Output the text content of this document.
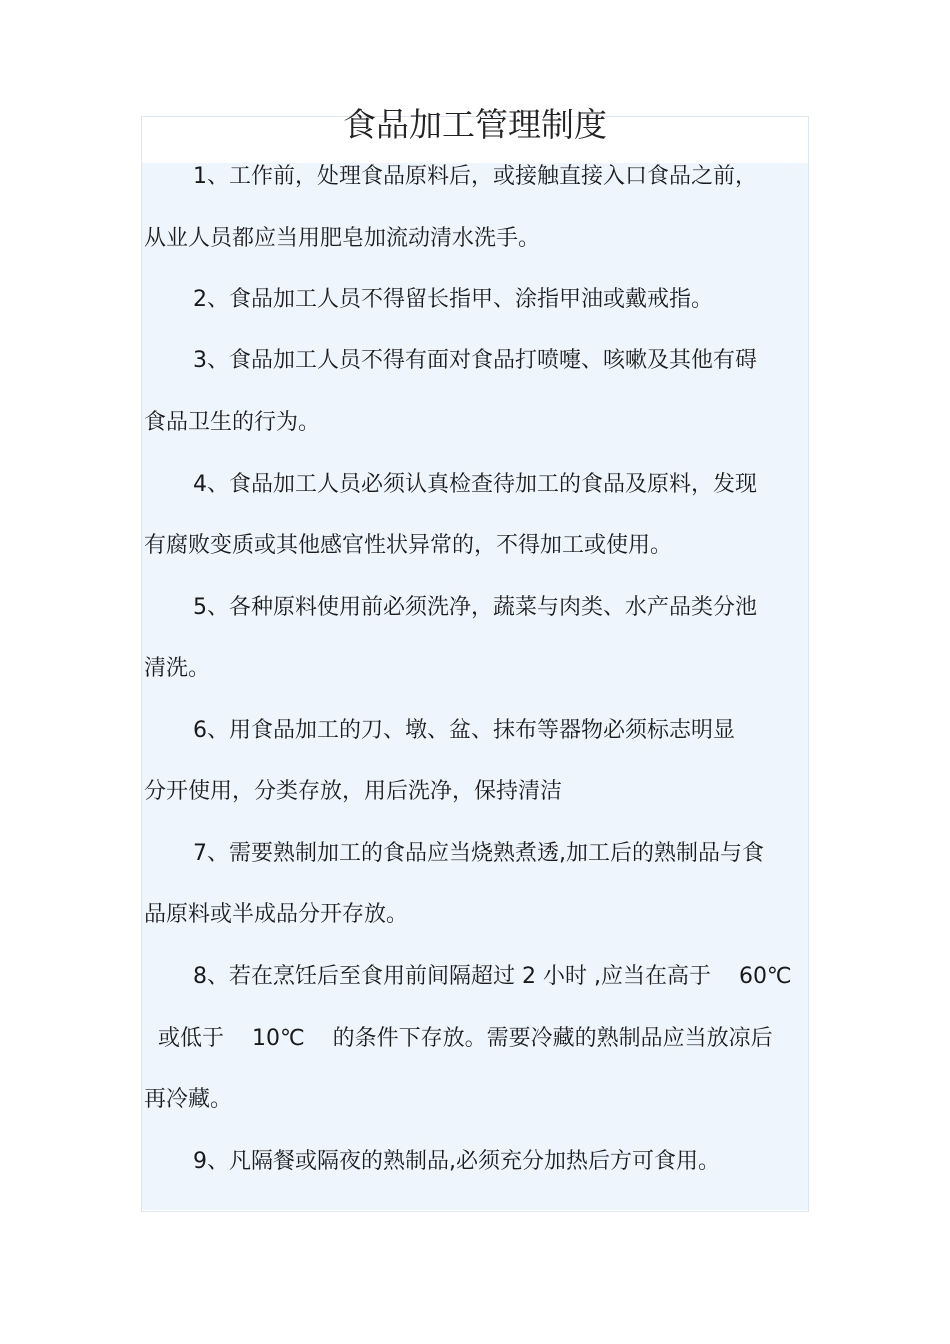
食品加工管理制度
1、工作前，处理食品原料后，或接触直接入口食品之前，
从业人员都应当用肥皂加流动清水洗手。
2、食品加工人员不得留长指甲、涂指甲油或戴戒指。
3、食品加工人员不得有面对食品打喷嚏、咳嗽及其他有碍
食品卫生的行为。
4、食品加工人员必须认真检查待加工的食品及原料，发现
有腐败变质或其他感官性状异常的，不得加工或使用。
5、各种原料使用前必须洗净，蔬菜与肉类、水产品类分池
清洗。
6、用食品加工的刀、墩、盆、抹布等器物必须标志明显
分开使用，分类存放，用后洗净，保持清洁
7、需要熟制加工的食品应当烧熟煮透,加工后的熟制品与食
品原料或半成品分开存放。
8、若在烹饪后至食用前间隔超过 2 小时 ,应当在高于    60℃
或低于    10℃    的条件下存放。需要冷藏的熟制品应当放凉后
再冷藏。
9、凡隔餐或隔夜的熟制品,必须充分加热后方可食用。
